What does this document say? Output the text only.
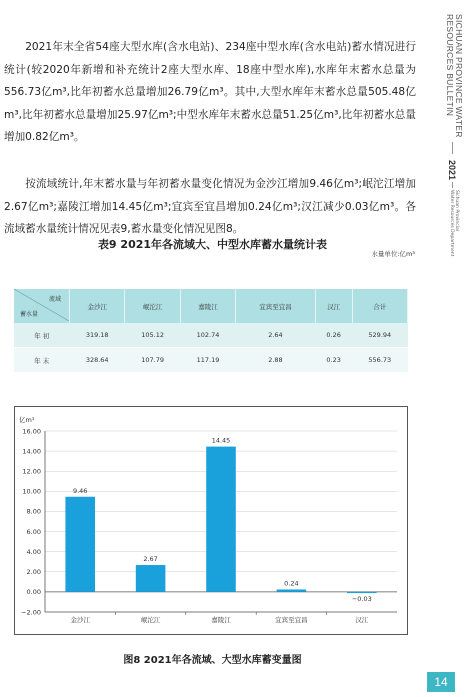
SICHUAN PROVINCE WATER
RESOURCES BULLETIN
2021
Sichuan Provincial
Water Resources Department

2021年末全省54座大型水库(含水电站)、234座中型水库(含水电站)蓄水情况进行统计(较2020年新增和补充统计2座大型水库、18座中型水库),水库年末蓄水总量为556.73亿m³,比年初蓄水总量增加26.79亿m³。其中,大型水库年末蓄水总量505.48亿m³,比年初蓄水总量增加25.97亿m³;中型水库年末蓄水总量51.25亿m³,比年初蓄水总量增加0.82亿m³。

按流域统计,年末蓄水量与年初蓄水量变化情况为金沙江增加9.46亿m³;岷沱江增加2.67亿m³;嘉陵江增加14.45亿m³;宜宾至宜昌增加0.24亿m³;汉江减少0.03亿m³。各流域蓄水量统计情况见表9,蓄水量变化情况见图8。

表9 2021年各流域大、中型水库蓄水量统计表
水量单位:亿m³
流域
蓄水量	金沙江	岷沱江	嘉陵江	宜宾至宜昌	汉江	合计
年 初	319.18	105.12	102.74	2.64	0.26	529.94
年 末	328.64	107.79	117.19	2.88	0.23	556.73
亿m³
16.00
14.00
12.00
10.00
8.00
6.00
4.00
2.00
0.00
−2.00
9.46
金沙江
2.67
岷沱江
14.45
嘉陵江
0.24
宜宾至宜昌
−0.03
汉江
图8 2021年各流域、大型水库蓄变量图
14
